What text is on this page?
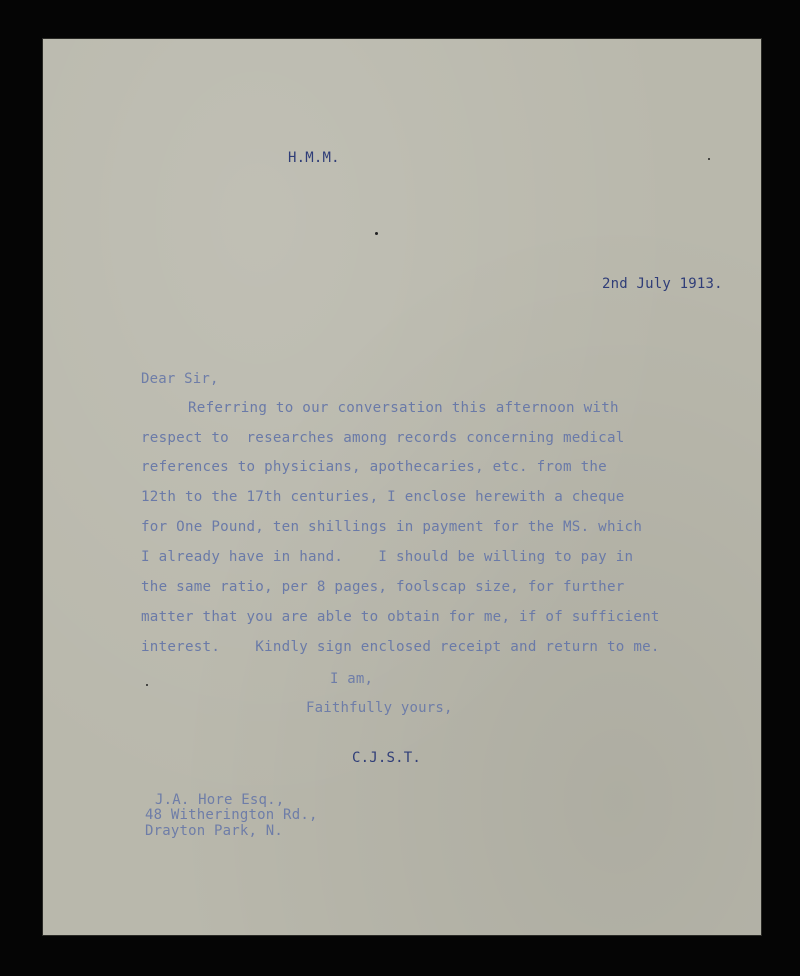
H.M.M.
2nd July 1913.
Dear Sir,
Referring to our conversation this afternoon with
respect to  researches among records concerning medical
references to physicians, apothecaries, etc. from the
12th to the 17th centuries, I enclose herewith a cheque
for One Pound, ten shillings in payment for the MS. which
I already have in hand.    I should be willing to pay in
the same ratio, per 8 pages, foolscap size, for further
matter that you are able to obtain for me, if of sufficient
interest.    Kindly sign enclosed receipt and return to me.
I am,
Faithfully yours,
C.J.S.T.
J.A. Hore Esq.,
48 Witherington Rd.,
Drayton Park, N.
